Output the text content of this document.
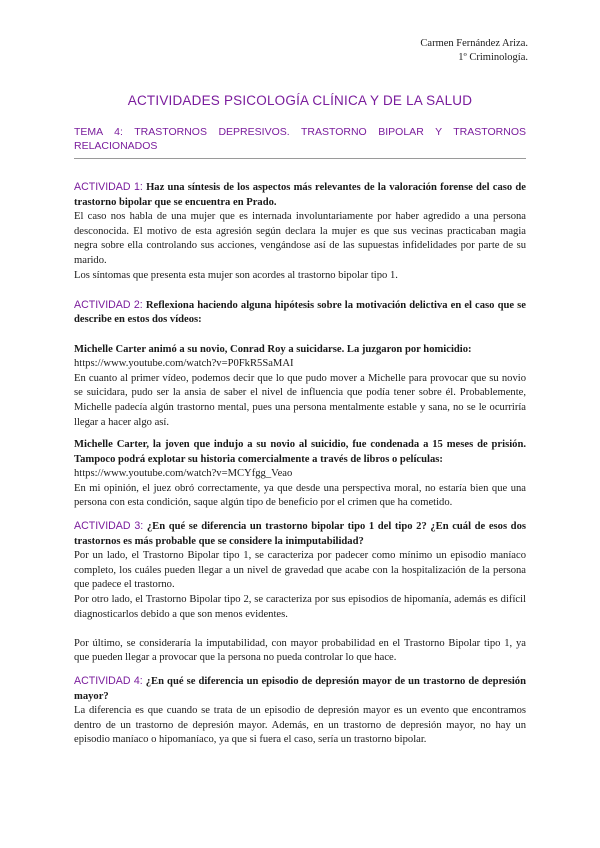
Carmen Fernández Ariza.
1º Criminología.
ACTIVIDADES PSICOLOGÍA CLÍNICA Y DE LA SALUD
TEMA 4: TRASTORNOS DEPRESIVOS. TRASTORNO BIPOLAR Y TRASTORNOS RELACIONADOS

ACTIVIDAD 1: Haz una síntesis de los aspectos más relevantes de la valoración forense del caso de trastorno bipolar que se encuentra en Prado.

El caso nos habla de una mujer que es internada involuntariamente por haber agredido a una persona desconocida. El motivo de esta agresión según declara la mujer es que sus vecinas practicaban magia negra sobre ella controlando sus acciones, vengándose así de las supuestas infidelidades por parte de su marido.

Los síntomas que presenta esta mujer son acordes al trastorno bipolar tipo 1.

ACTIVIDAD 2: Reflexiona haciendo alguna hipótesis sobre la motivación delictiva en el caso que se describe en estos dos vídeos:

Michelle Carter animó a su novio, Conrad Roy a suicidarse. La juzgaron por homicidio:

https://www.youtube.com/watch?v=P0FkR5SaMAI

En cuanto al primer vídeo, podemos decir que lo que pudo mover a Michelle para provocar que su novio se suicidara, pudo ser la ansia de saber el nivel de influencia que podía tener sobre él. Probablemente, Michelle padecía algún trastorno mental, pues una persona mentalmente estable y sana, no se le ocurriría llegar a hacer algo así.

Michelle Carter, la joven que indujo a su novio al suicidio, fue condenada a 15 meses de prisión. Tampoco podrá explotar su historia comercialmente a través de libros o películas:

https://www.youtube.com/watch?v=MCYfgg_Veao

En mi opinión, el juez obró correctamente, ya que desde una perspectiva moral, no estaría bien que una persona con esta condición, saque algún tipo de beneficio por el crimen que ha cometido.

ACTIVIDAD 3: ¿En qué se diferencia un trastorno bipolar tipo 1 del tipo 2? ¿En cuál de esos dos trastornos es más probable que se considere la inimputabilidad?

Por un lado, el Trastorno Bipolar tipo 1, se caracteriza por padecer como mínimo un episodio maníaco completo, los cuáles pueden llegar a un nivel de gravedad que acabe con la hospitalización de la persona que padece el trastorno.

Por otro lado, el Trastorno Bipolar tipo 2, se caracteriza por sus episodios de hipomanía, además es difícil diagnosticarlos debido a que son menos evidentes.

Por último, se consideraría la imputabilidad, con mayor probabilidad en el Trastorno Bipolar tipo 1, ya que pueden llegar a provocar que la persona no pueda controlar lo que hace.

ACTIVIDAD 4: ¿En qué se diferencia un episodio de depresión mayor de un trastorno de depresión mayor?

La diferencia es que cuando se trata de un episodio de depresión mayor es un evento que encontramos dentro de un trastorno de depresión mayor. Además, en un trastorno de depresión mayor, no hay un episodio maníaco o hipomaníaco, ya que si fuera el caso, sería un trastorno bipolar.
